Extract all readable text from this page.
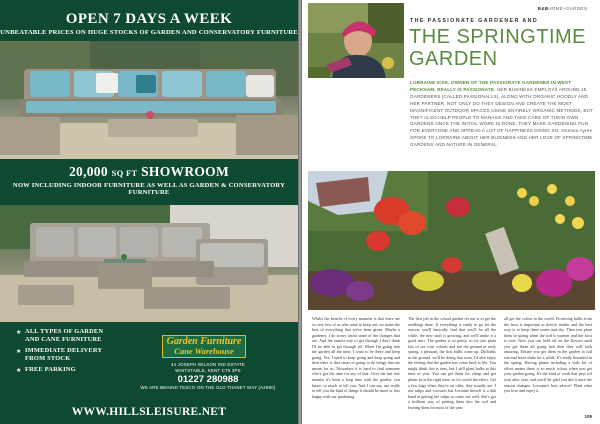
OPEN 7 DAYS A WEEK
UNBEATABLE PRICES ON HUGE STOCKS OF GARDEN AND CONSERVATORY FURNITURE
20,000 SQ FT SHOWROOM
NOW INCLUDING INDOOR FURNITURE AS WELL AS GARDEN & CONSERVATORY FURNITURE
★ ALL TYPES OF GARDEN
AND CANE FURNITURE
★ IMMEDIATE DELIVERY
FROM STOCK
★ FREE PARKING
Garden Furniture
Cane Warehouse
44 JOSEPH WILSON IND ESTATE
WHITSTABLE, KENT CT5 3PS
01227 280988
WE ARE BEHIND TESCO ON THE OLD THANET WAY (A2990)
WWW.HILLSLEISURE.NET
B&BHOME+GARDEN
THE PASSIONATE GARDENER AND
THE SPRINGTIME GARDEN
LORRAINE ICKE, OWNER OF THE PASSIONATE GARDENER IN WEST PECKHAM, REALLY IS PASSIONATE. HER BUSINESS EMPLOYS AROUND 15 GARDENERS (CALLED PASSIONALLS), ALONG WITH ORGANIC HOODLY AND HER PARTNER. NOT ONLY DO THEY DESIGN AND CREATE THE MOST MAGNIFICENT OUTDOOR SPACES USING ENTIRELY ORGANIC METHODS, BUT THEY ALSO HELP PEOPLE TO MANAGE AND TAKE CARE OF THEIR OWN GARDENS ONCE THE INITIAL WORK IS DONE. THEY MAKE GARDENING FUN FOR EVERYONE AND SPREAD A LOT OF HAPPINESS DOING SO. Gemma Ayres SPOKE TO LORRAINE ABOUT HER BUSINESS AND HER LOVE OF SPRINGTIME GARDENS AND NATURE IN GENERAL.
Whilst the benefit of every moment is that there are so very few of us who want to keep out, we make the best of everything that we've been given. Maybe a gardener, I do worry about some of the changes that are. And the easiest way to get through I don't think I'll be able to get through all. When I'm going into the garden all the time, I want to be there and keep going. Yes, I need to keep going and keep going and then there is that sense of going to do things that are meant for us. Nowadays it is hard to find someone who's got the time for any of that. Over the last few months it's been a long time with the garden, you know, so much to tell you. And I can say, not really to tell you the kind of things it should be more or less happy with our gardening.
The first job in the school garden for me is to get the seedlings done. If everything is ready to go for the season, you'll basically find that you'll be all the while, the new stuff is growing, and we'll make it a good start. The garden is so pretty, so we just plant lots of our own colours and see the ground in early spring, a pleasant, the first bulbs come up. Daffodils in the ground, we'll be doing that soon. I'd also enjoy the feeling that the garden has come back to life. You might think this is easy, but I still plant bulbs at this time of year. You can get them for cheap and get plants in at the right time, so it's worth the effort. Get a few bags when they're on offer, they usually are. I use tulips and crocuses but Lorraine herself is a dab hand at getting her tulips to come out well. She's got a brilliant way of putting them into the soil and leaving them for most of the year.
all get the colour in the world. Protecting bulbs from the frost is important as they're tender, and the best way is to keep them warm and dry. Then you plant them in spring when the soil is warmer and the frost is over. Now you can hold off on the flowers until you get them all going and then they will look amazing. Ensure you get them in the garden in full sun and leave them for a while. It's really beautiful in the spring. Having plants including a little bit of effort means there is so much colour when you get your garden going. It's the kind of work that pays off year after year, and you'll be glad you did it once the season changes. Lorraine's best advice? Plant what you love and enjoy it.
109
